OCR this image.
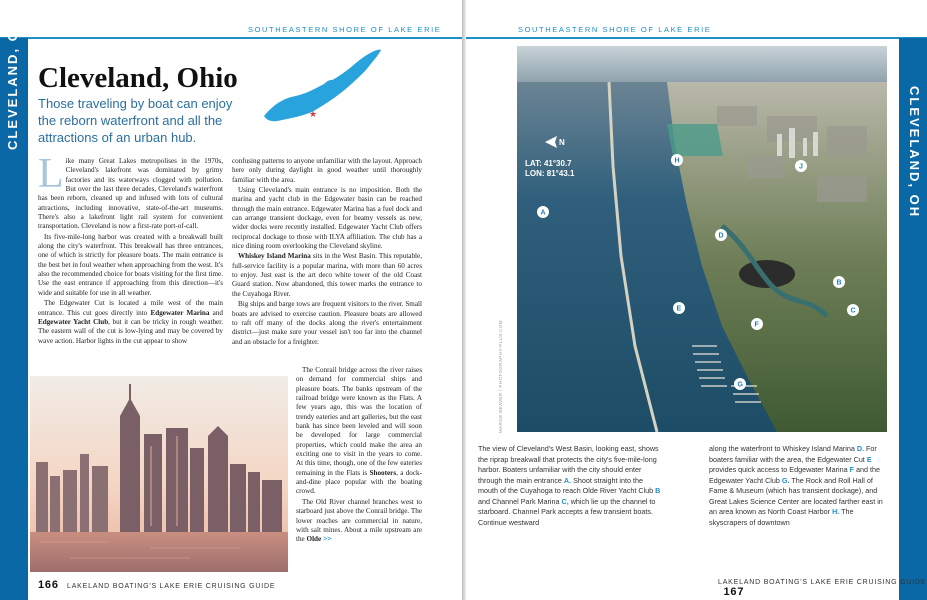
SOUTHEASTERN SHORE OF LAKE ERIE
CLEVELAND, OH	★
Cleveland, Ohio
Those traveling by boat can enjoy the reborn waterfront and all the attractions of an urban hub.

Like many Great Lakes metropolises in the 1970s, Cleveland's lakefront was dominated by grimy factories and its waterways clogged with pollution. But over the last three decades, Cleveland's waterfront has been reborn, cleaned up and infused with lots of cultural attractions, including innovative, state-of-the-art museums. There's also a lakefront light rail system for convenient transportation. Cleveland is now a first-rate port-of-call.

Its five-mile-long harbor was created with a breakwall built along the city's waterfront. This breakwall has three entrances, one of which is strictly for pleasure boats. The main entrance is the best bet in foul weather when approaching from the west. It's also the recommended choice for boats visiting for the first time. Use the east entrance if approaching from this direction—it's wide and suitable for use in all weather.

The Edgewater Cut is located a mile west of the main entrance. This cut goes directly into Edgewater Marina and Edgewater Yacht Club, but it can be tricky in rough weather. The eastern wall of the cut is low-lying and may be covered by wave action. Harbor lights in the cut appear to show

confusing patterns to anyone unfamiliar with the layout. Approach here only during daylight in good weather until thoroughly familiar with the area.

Using Cleveland's main entrance is no imposition. Both the marina and yacht club in the Edgewater basin can be reached through the main entrance. Edgewater Marina has a fuel dock and can arrange transient dockage, even for beamy vessels as new, wider docks were recently installed. Edgewater Yacht Club offers reciprocal dockage to those with ILYA affiliation. The club has a nice dining room overlooking the Cleveland skyline.

Whiskey Island Marina sits in the West Basin. This reputable, full-service facility is a popular marina, with more than 60 acres to enjoy. Just east is the art deco white tower of the old Coast Guard station. Now abandoned, this tower marks the entrance to the Cuyahoga River.

Big ships and barge tows are frequent visitors to the river. Small boats are advised to exercise caution. Pleasure boats are allowed to raft off many of the docks along the river's entertainment district—just make sure your vessel isn't too far into the channel and an obstacle for a freighter.

The Conrail bridge across the river raises on demand for commercial ships and pleasure boats. The banks upstream of the railroad bridge were known as the Flats. A few years ago, this was the location of trendy eateries and art galleries, but the east bank has since been leveled and will soon be developed for large commercial properties, which could make the area an exciting one to visit in the years to come. At this time, though, one of the few eateries remaining in the Flats is Shooters, a dock-and-dine place popular with the boating crowd.

The Old River channel branches west to starboard just above the Conrail bridge. The lower reaches are commercial in nature, with salt mines. About a mile upstream are the Olde >>

166 LAKELAND BOATING'S LAKE ERIE CRUISING GUIDE
SOUTHEASTERN SHORE OF LAKE ERIE
CLEVELAND, OH
N
LAT: 41°30.7
LON: 81°43.1
A
B
C
D
E
F
G
H
J
MARGE BEAVER / PHOTOGRAPHY-PLUS.COM
The view of Cleveland's West Basin, looking east, shows the riprap breakwall that protects the city's five-mile-long harbor. Boaters unfamiliar with the city should enter through the main entrance A. Shoot straight into the mouth of the Cuyahoga to reach Olde River Yacht Club B and Channel Park Marina C, which lie up the channel to starboard. Channel Park accepts a few transient boats. Continue westward
along the waterfront to Whiskey Island Marina D. For boaters familiar with the area, the Edgewater Cut E provides quick access to Edgewater Marina F and the Edgewater Yacht Club G. The Rock and Roll Hall of Fame & Museum (which has transient dockage), and Great Lakes Science Center are located farther east in an area known as North Coast Harbor H. The skyscrapers of downtown
LAKELAND BOATING'S LAKE ERIE CRUISING GUIDE   167
